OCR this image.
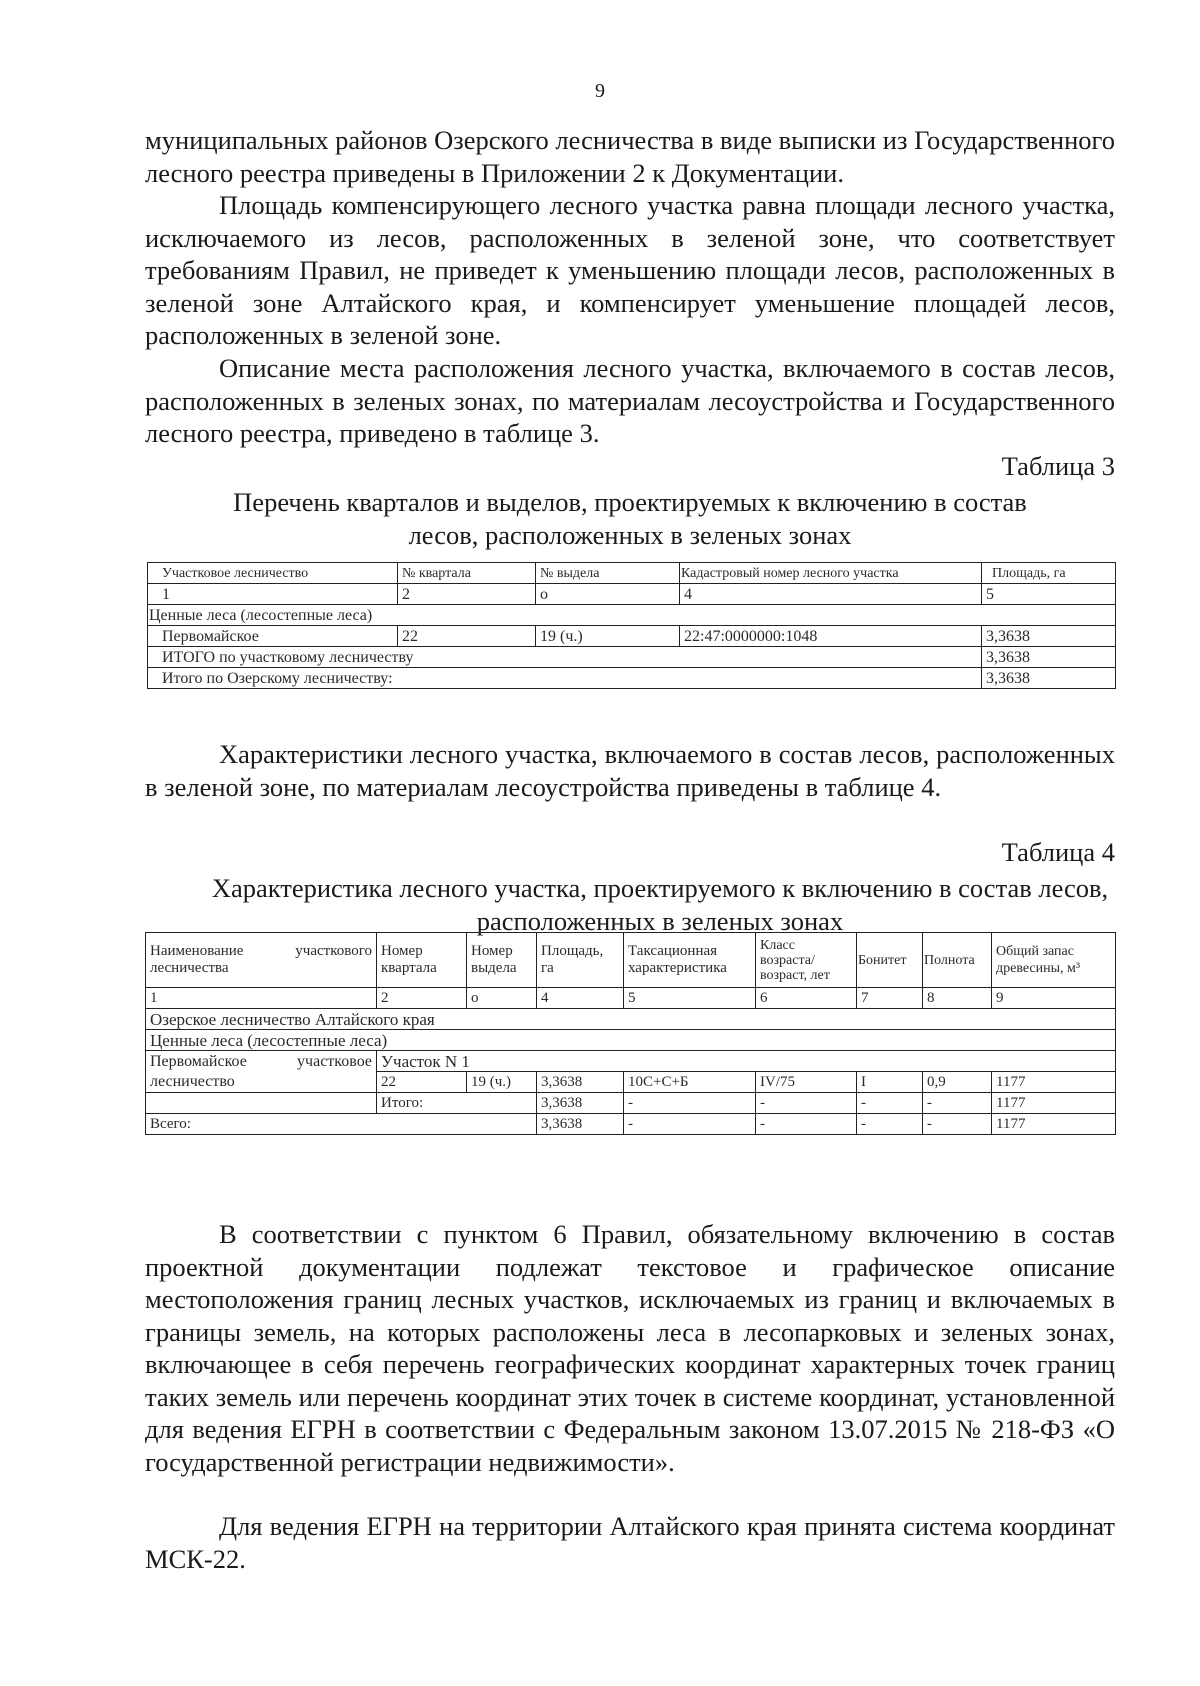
9

муниципальных районов Озерского лесничества в виде выписки из Государственного лесного реестра приведены в Приложении 2 к Документации.

Площадь компенсирующего лесного участка равна площади лесного участка, исключаемого из лесов, расположенных в зеленой зоне, что соответствует требованиям Правил, не приведет к уменьшению площади лесов, расположенных в зеленой зоне Алтайского края, и компенсирует уменьшение площадей лесов, расположенных в зеленой зоне.

Описание места расположения лесного участка, включаемого в состав лесов, расположенных в зеленых зонах, по материалам лесоустройства и Государственного лесного реестра, приведено в таблице 3.

Таблица 3

Перечень кварталов и выделов, проектируемых к включению в состав лесов, расположенных в зеленых зонах

Участковое лесничество	№ квартала	№ выдела	Кадастровый номер лесного участка	Площадь, га
1	2	о	4	5
Ценные леса (лесостепные леса)				
Первомайское	22	19 (ч.)	22:47:0000000:1048	3,3638
ИТОГО по участковому лесничеству				3,3638
Итого по Озерскому лесничеству:				3,3638

Характеристики лесного участка, включаемого в состав лесов, расположенных в зеленой зоне, по материалам лесоустройства приведены в таблице 4.

Таблица 4

Характеристика лесного участка, проектируемого к включению в состав лесов, расположенных в зеленых зонах

Наименование участкового лесничества	Номер квартала	Номер выдела	Площадь, га	Таксационная характеристика	Класс возраста/ возраст, лет	Бонитет	Полнота	Общий запас древесины, м³
1	2	о	4	5	6	7	8	9
Озерское лесничество Алтайского края								
Ценные леса (лесостепные леса)								
Первомайское участковое лесничество	Участок N 1							
	22	19 (ч.)	3,3638	10С+С+Б	IV/75	I	0,9	1177
	Итого:		3,3638	-	-	-	-	1177
Всего:			3,3638	-	-	-	-	1177

В соответствии с пунктом 6 Правил, обязательному включению в состав проектной документации подлежат текстовое и графическое описание местоположения границ лесных участков, исключаемых из границ и включаемых в границы земель, на которых расположены леса в лесопарковых и зеленых зонах, включающее в себя перечень географических координат характерных точек границ таких земель или перечень координат этих точек в системе координат, установленной для ведения ЕГРН в соответствии с Федеральным законом 13.07.2015 № 218-ФЗ «О государственной регистрации недвижимости».

Для ведения ЕГРН на территории Алтайского края принята система координат МСК-22.
